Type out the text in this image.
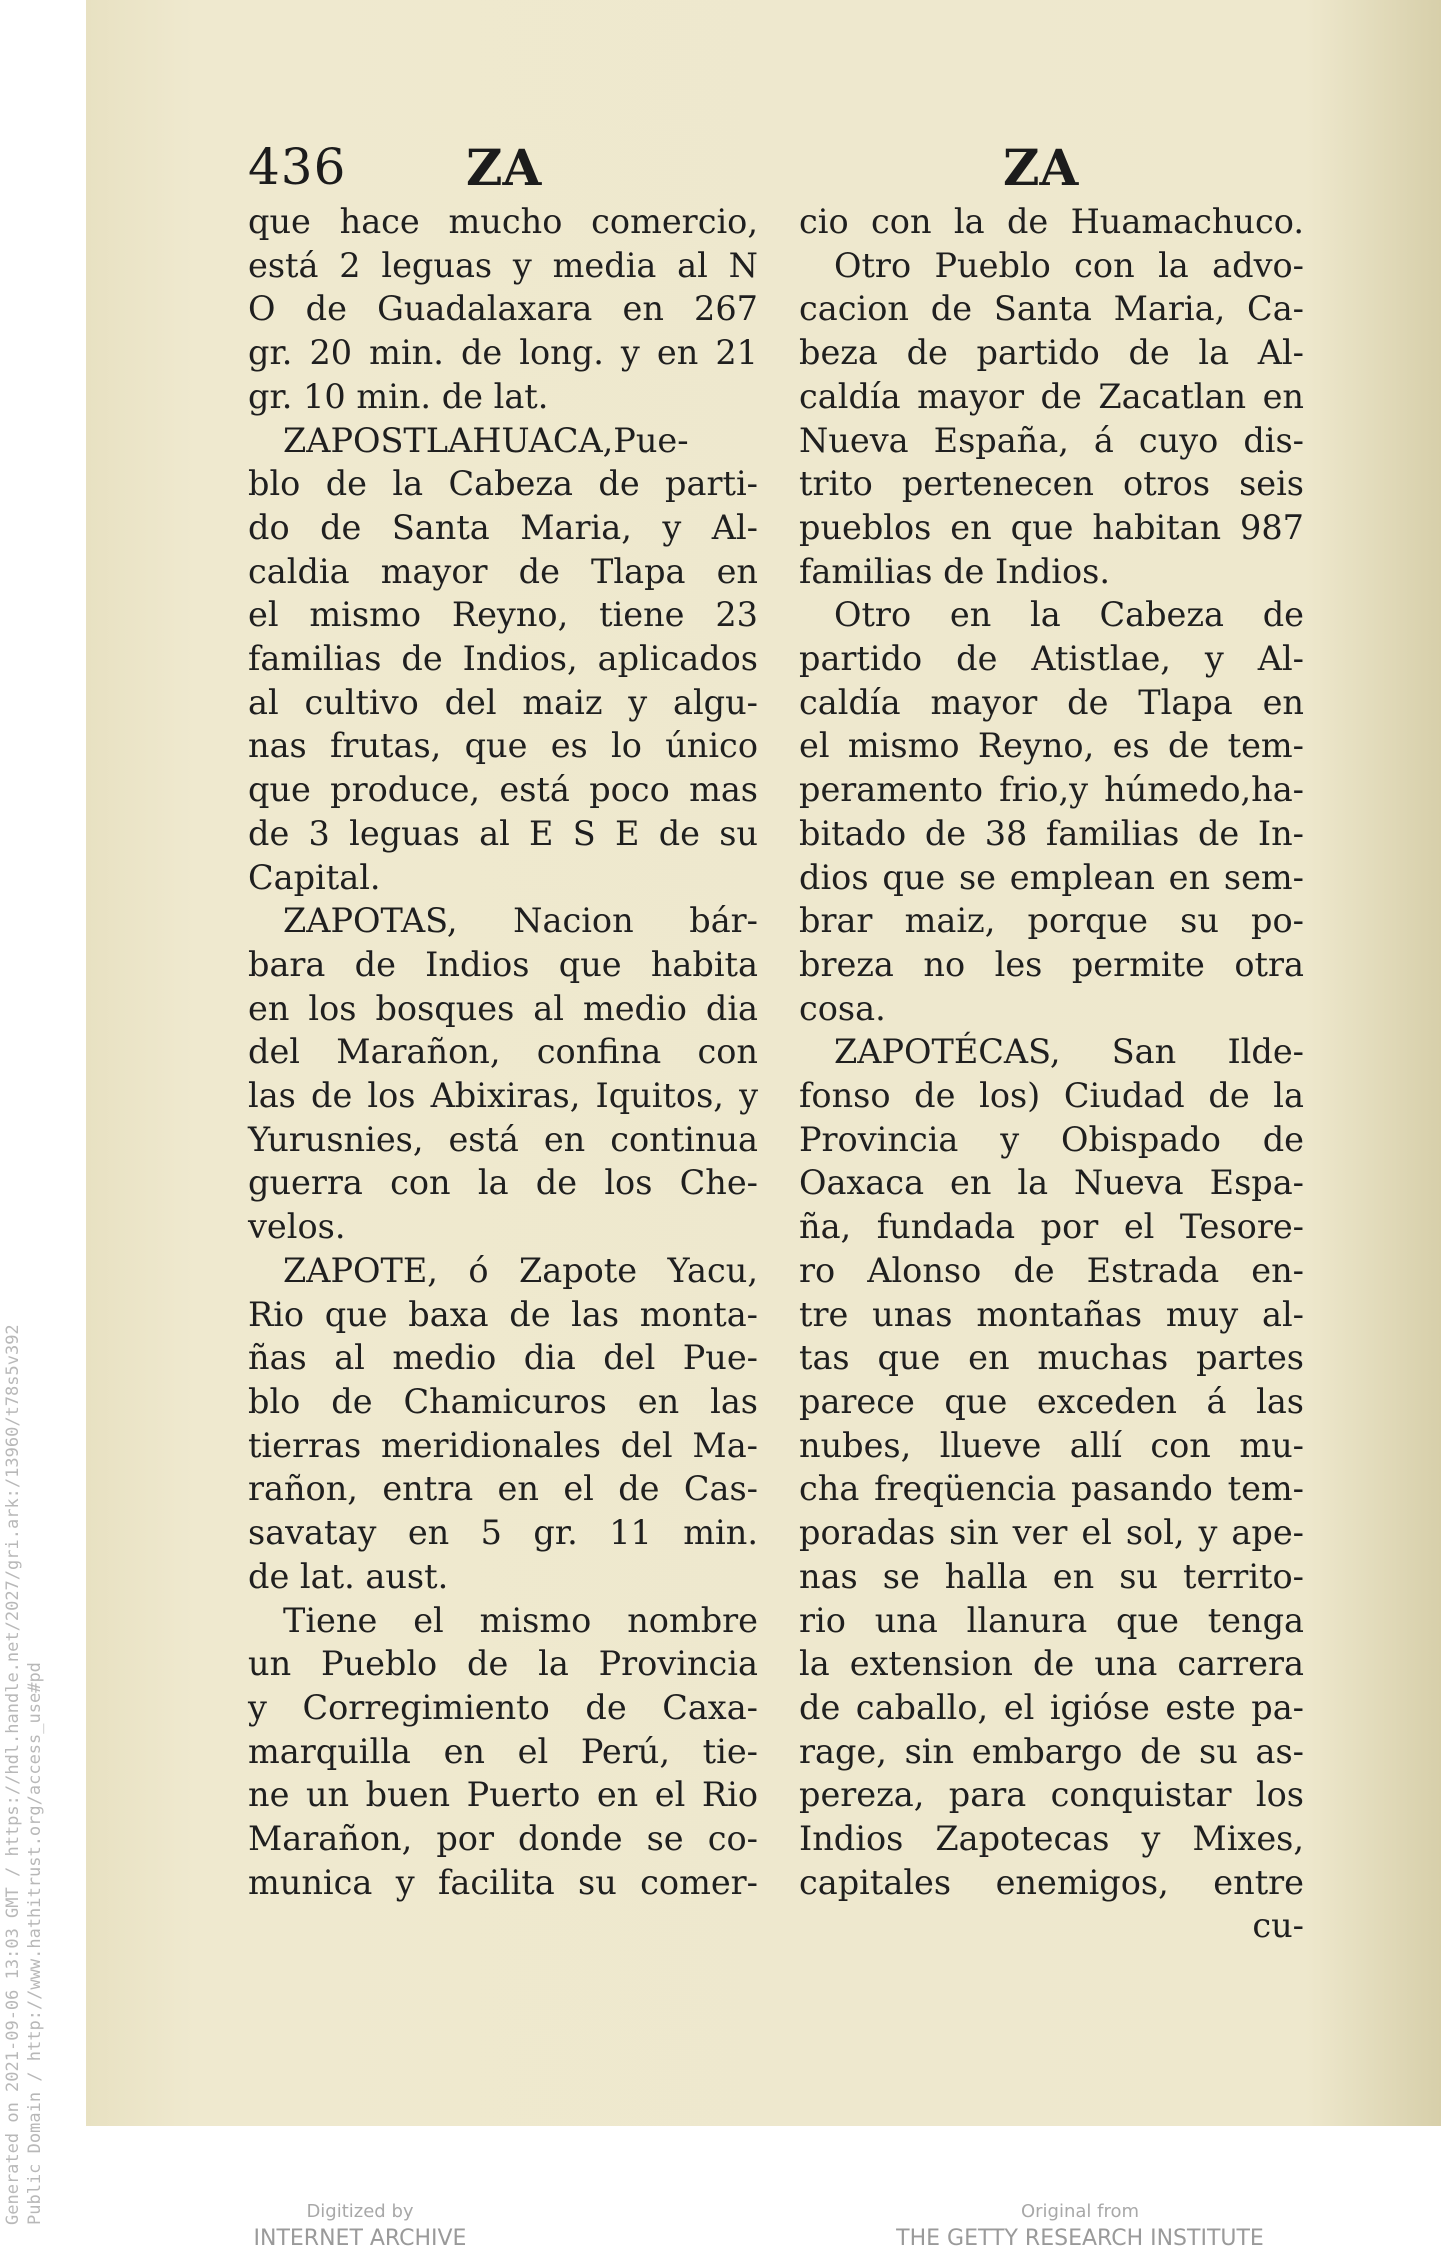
Generated on 2021-09-06 13:03 GMT / https://hdl.handle.net/2027/gri.ark:/13960/t78s5v392 Public Domain / http://www.hathitrust.org/access_use#pd
436 ZA	ZA
que hace mucho comercio,
está 2 leguas y media al N
O de Guadalaxara en 267
gr. 20 min. de long. y en 21
gr. 10 min. de lat.
ZAPOSTLAHUACA,Pue-
blo de la Cabeza de parti-
do de Santa Maria, y Al-
caldia mayor de Tlapa en
el mismo Reyno, tiene 23
familias de Indios, aplicados
al cultivo del maiz y algu-
nas frutas, que es lo único
que produce, está poco mas
de 3 leguas al E S E de su
Capital.
ZAPOTAS, Nacion bár-
bara de Indios que habita
en los bosques al medio dia
del Marañon, confina con
las de los Abixiras, Iquitos, y
Yurusnies, está en continua
guerra con la de los Che-
velos.
ZAPOTE, ó Zapote Yacu,
Rio que baxa de las monta-
ñas al medio dia del Pue-
blo de Chamicuros en las
tierras meridionales del Ma-
rañon, entra en el de Cas-
savatay en 5 gr. 11 min.
de lat. aust.
Tiene el mismo nombre
un Pueblo de la Provincia
y Corregimiento de Caxa-
marquilla en el Perú, tie-
ne un buen Puerto en el Rio
Marañon, por donde se co-
munica y facilita su comer-
cio con la de Huamachuco.
Otro Pueblo con la advo-
cacion de Santa Maria, Ca-
beza de partido de la Al-
caldía mayor de Zacatlan en
Nueva España, á cuyo dis-
trito pertenecen otros seis
pueblos en que habitan 987
familias de Indios.
Otro en la Cabeza de
partido de Atistlae, y Al-
caldía mayor de Tlapa en
el mismo Reyno, es de tem-
peramento frio,y húmedo,ha-
bitado de 38 familias de In-
dios que se emplean en sem-
brar maiz, porque su po-
breza no les permite otra
cosa.
ZAPOTÉCAS, San Ilde-
fonso de los) Ciudad de la
Provincia y Obispado de
Oaxaca en la Nueva Espa-
ña, fundada por el Tesore-
ro Alonso de Estrada en-
tre unas montañas muy al-
tas que en muchas partes
parece que exceden á las
nubes, llueve allí con mu-
cha freqüencia pasando tem-
poradas sin ver el sol, y ape-
nas se halla en su territo-
rio una llanura que tenga
la extension de una carrera
de caballo, el igióse este pa-
rage, sin embargo de su as-
pereza, para conquistar los
Indios Zapotecas y Mixes,
capitales enemigos, entre
cu-
Digitized by
INTERNET ARCHIVE
Original from
THE GETTY RESEARCH INSTITUTE
